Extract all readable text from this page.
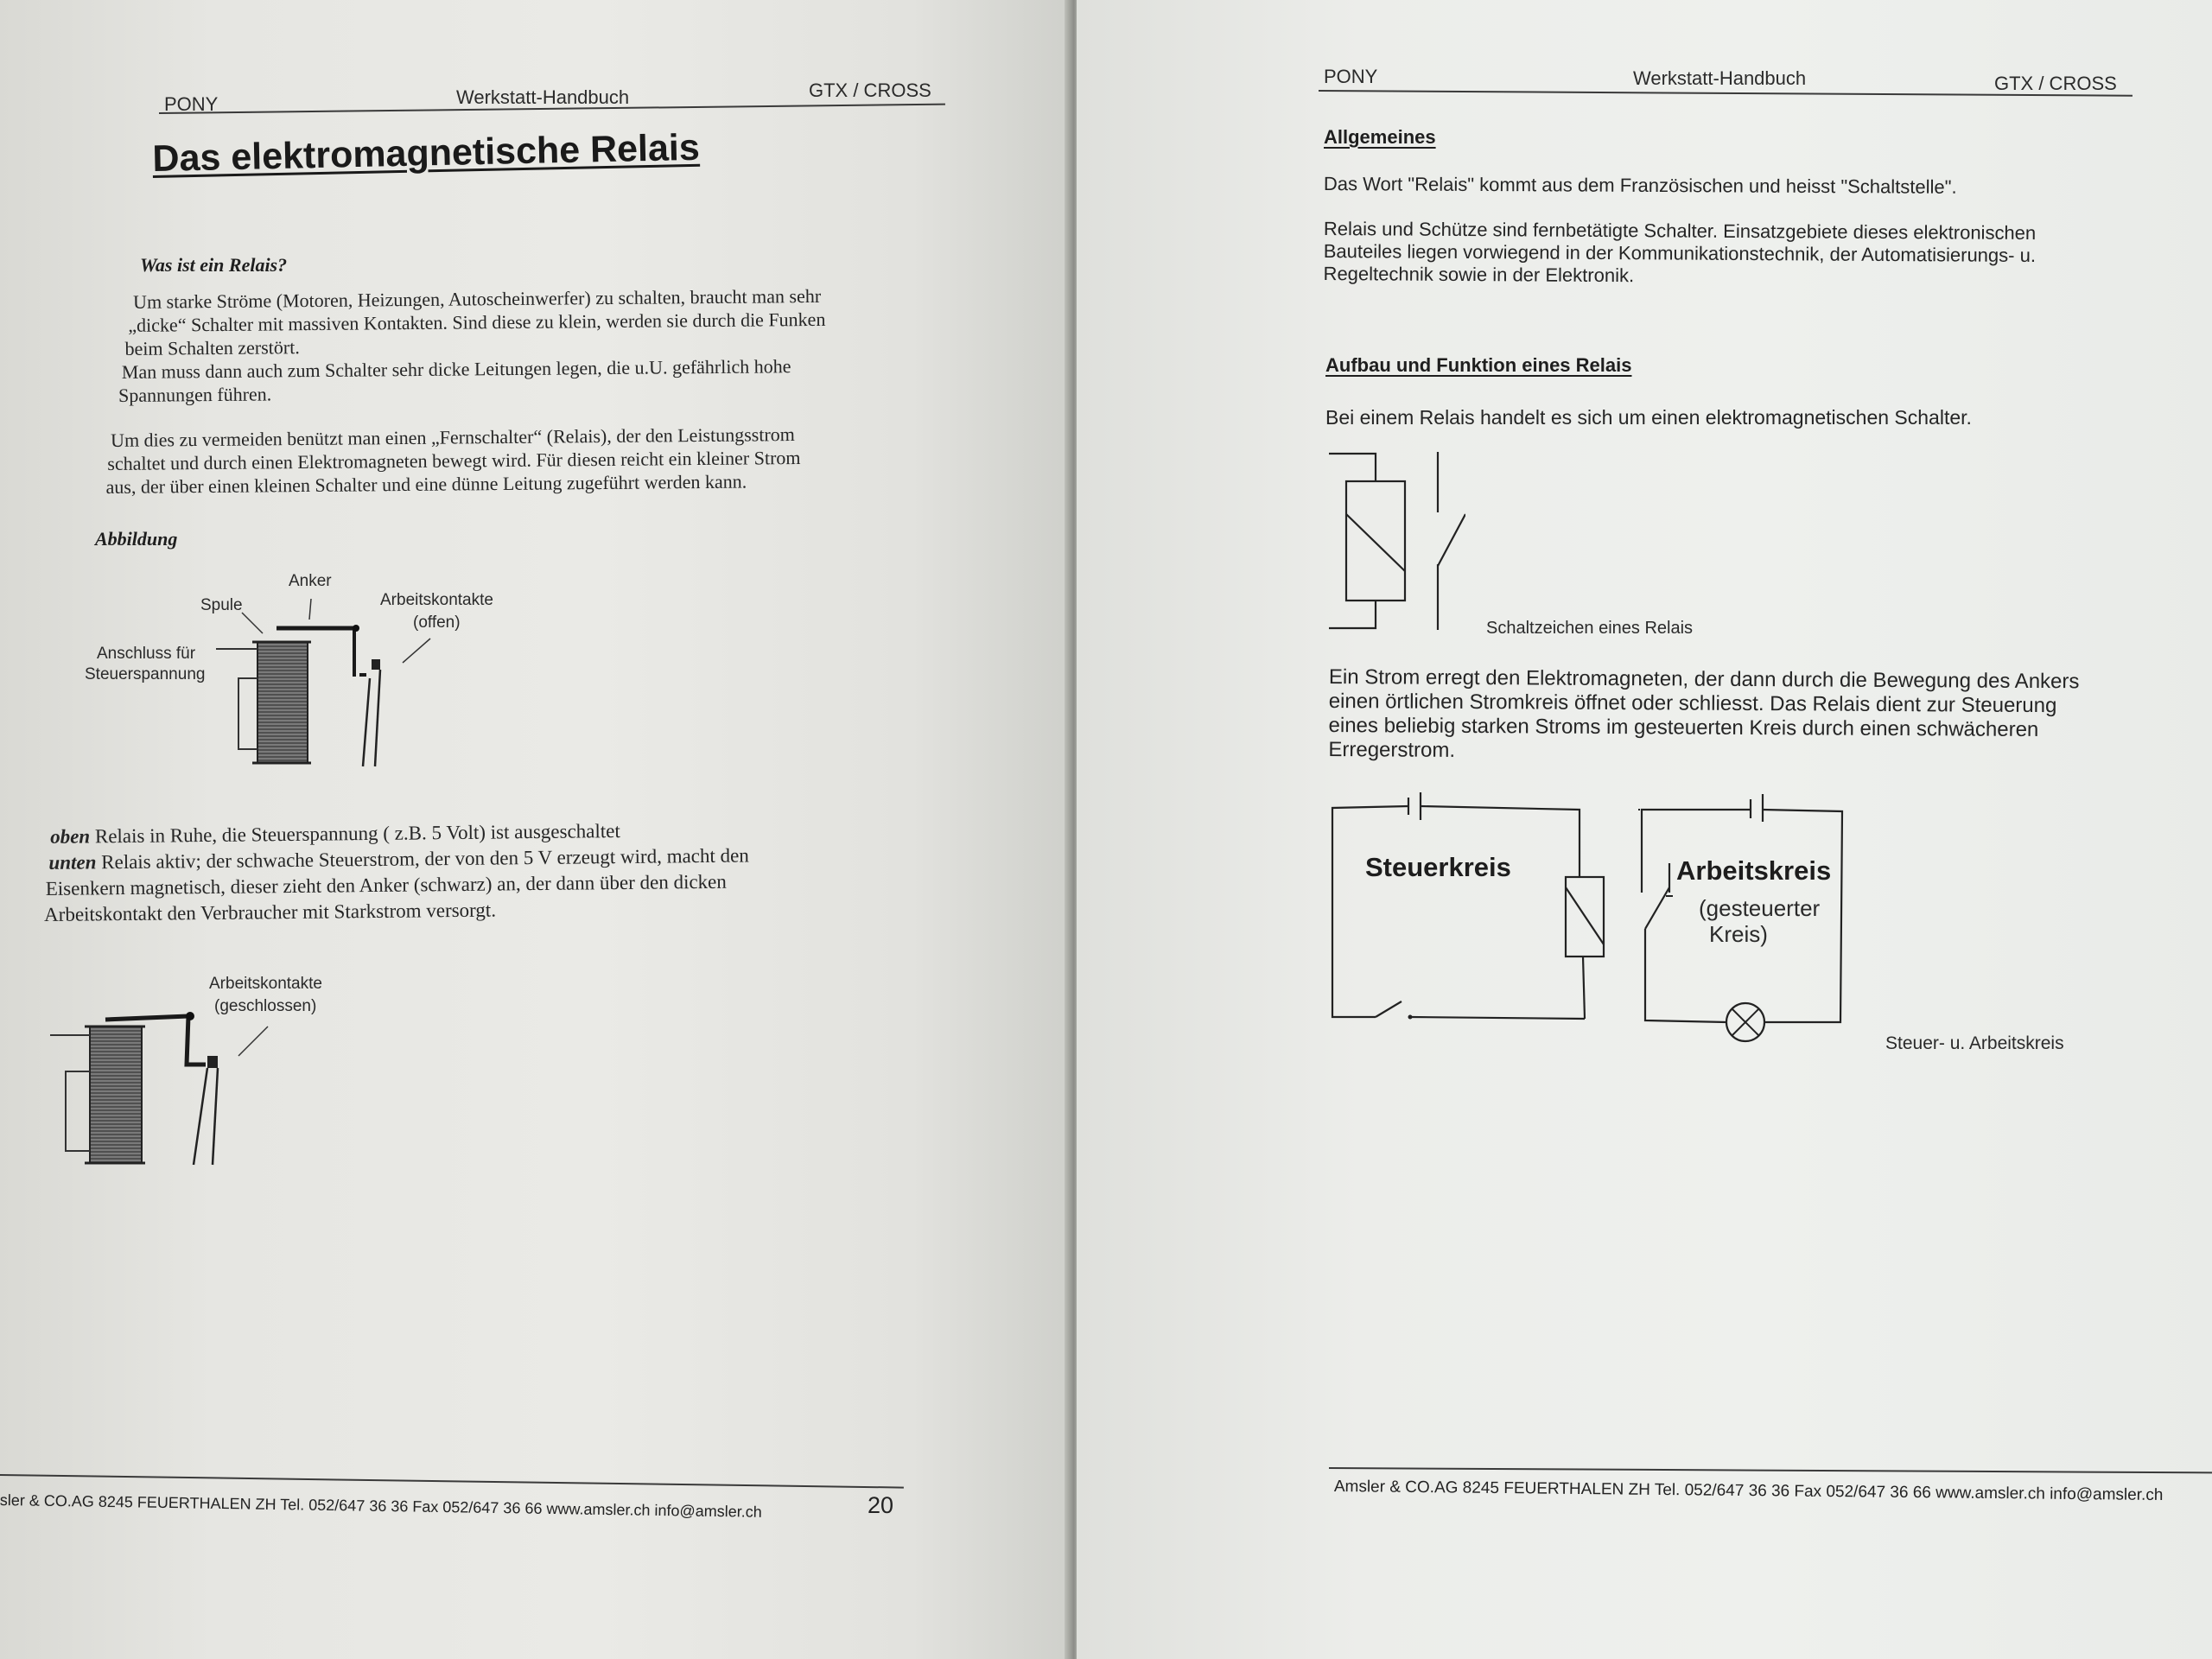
PONY	Werkstatt-Handbuch	GTX / CROSS
Das elektromagnetische Relais
Was ist ein Relais?
Um starke Ströme (Motoren, Heizungen, Autoscheinwerfer) zu schalten, braucht man sehr
„dicke“ Schalter mit massiven Kontakten. Sind diese zu klein, werden sie durch die Funken
beim Schalten zerstört.
Man muss dann auch zum Schalter sehr dicke Leitungen legen, die u.U. gefährlich hohe
Spannungen führen.
Um dies zu vermeiden benützt man einen „Fernschalter“ (Relais), der den Leistungsstrom
schaltet und durch einen Elektromagneten bewegt wird. Für diesen reicht ein kleiner Strom
aus, der über einen kleinen Schalter und eine dünne Leitung zugeführt werden kann.
Abbildung
Anker
Spule	Arbeitskontakte
(offen)
Anschluss für
Steuerspannung
oben Relais in Ruhe, die Steuerspannung ( z.B. 5 Volt) ist ausgeschaltet
unten Relais aktiv; der schwache Steuerstrom, der von den 5 V erzeugt wird, macht den
Eisenkern magnetisch, dieser zieht den Anker (schwarz) an, der dann über den dicken
Arbeitskontakt den Verbraucher mit Starkstrom versorgt.
Arbeitskontakte
(geschlossen)
sler & CO.AG 8245 FEUERTHALEN ZH Tel. 052/647 36 36 Fax 052/647 36 66 www.amsler.ch info@amsler.ch	20
PONY	Werkstatt-Handbuch	GTX / CROSS
Allgemeines
Das Wort "Relais" kommt aus dem Französischen und heisst "Schaltstelle".
Relais und Schütze sind fernbetätigte Schalter. Einsatzgebiete dieses elektronischen
Bauteiles liegen vorwiegend in der Kommunikationstechnik, der Automatisierungs- u.
Regeltechnik sowie in der Elektronik.
Aufbau und Funktion eines Relais
Bei einem Relais handelt es sich um einen elektromagnetischen Schalter.
Schaltzeichen eines Relais
Ein Strom erregt den Elektromagneten, der dann durch die Bewegung des Ankers
einen örtlichen Stromkreis öffnet oder schliesst. Das Relais dient zur Steuerung
eines beliebig starken Stroms im gesteuerten Kreis durch einen schwächeren
Erregerstrom.
Steuerkreis	Arbeitskreis
(gesteuerter
Kreis)
Steuer- u. Arbeitskreis
Amsler & CO.AG 8245 FEUERTHALEN ZH Tel. 052/647 36 36 Fax 052/647 36 66 www.amsler.ch info@amsler.ch
